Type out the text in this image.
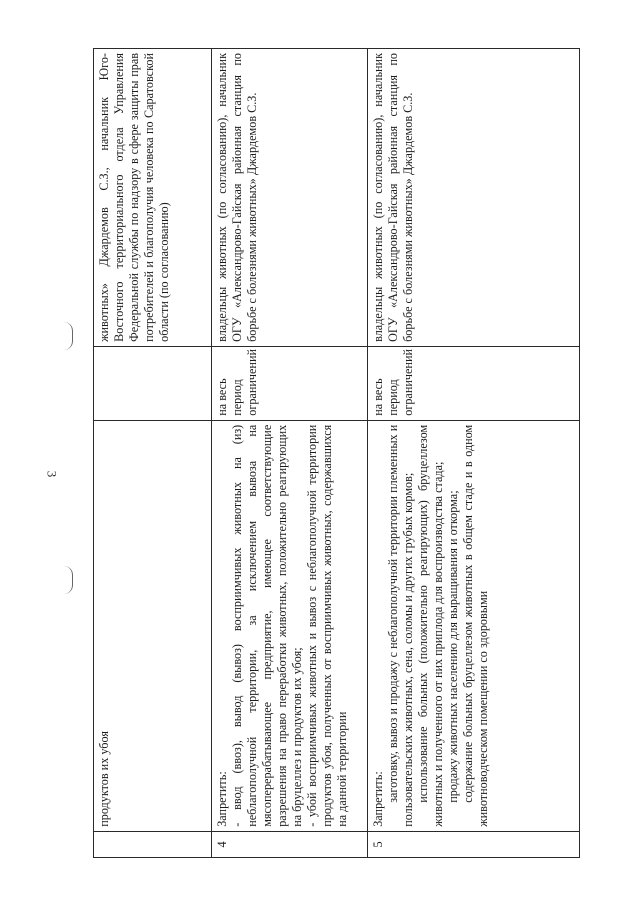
3

	продуктов их убоя		животных» Джардемов С.З., начальник Юго-Восточного территориального отдела Управления Федеральной службы по надзору в сфере защиты прав потребителей и благополучия человека по Саратовской области (по согласованию)
4	Запретить: - ввод (ввоз), вывод (вывоз) восприимчивых животных на (из) неблагополучной территории, за исключением вывоза на мясоперерабатывающее предприятие, имеющее соответствующие разрешения на право переработки животных, положительно реагирующих на бруцеллез и продуктов их убоя; - убой восприимчивых животных и вывоз с неблагополучной территории продуктов убоя, полученных от восприимчивых животных, содержавшихся на данной территории	на весь период ограничений	владельцы животных (по согласованию), начальник ОГУ «Александрово-Гайская районная станция по борьбе с болезнями животных» Джардемов С.З.
5	Запретить: заготовку, вывоз и продажу с неблагополучной территории племенных и пользовательских животных, сена, соломы и других грубых кормов; использование больных (положительно реагирующих) бруцеллезом животных и полученного от них приплода для воспроизводства стада; продажу животных населению для выращивания и откорма; содержание больных бруцеллезом животных в общем стаде и в одном животноводческом помещении со здоровыми	на весь период ограничений	владельцы животных (по согласованию), начальник ОГУ «Александрово-Гайская районная станция по борьбе с болезнями животных» Джардемов С.З.
